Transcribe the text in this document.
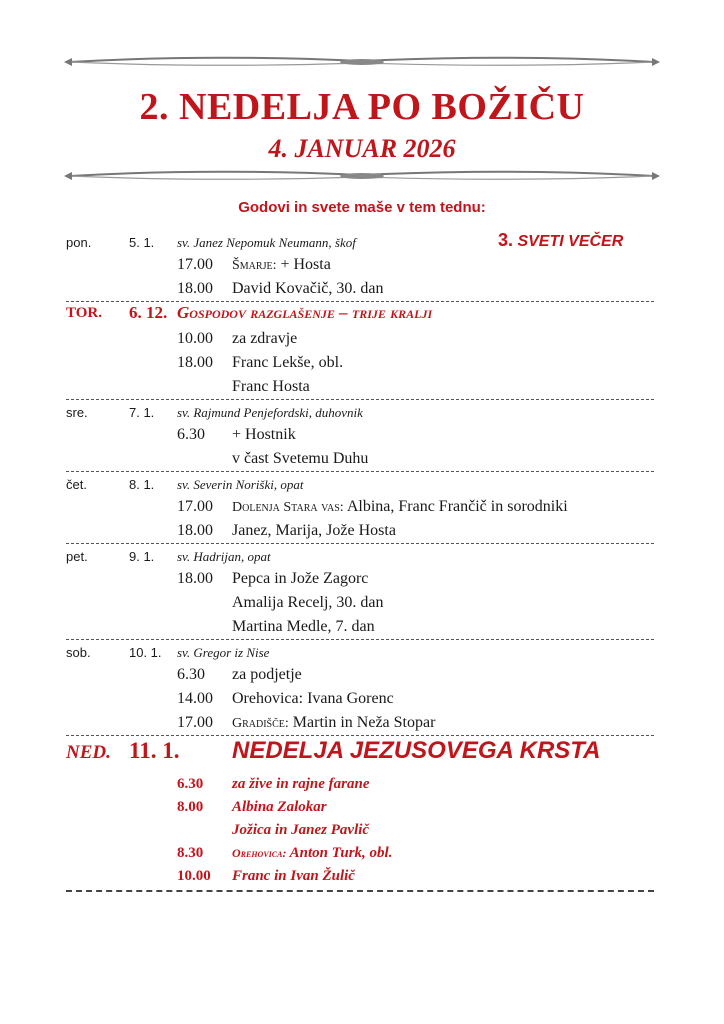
2. NEDELJA PO BOŽIČU
4. JANUAR 2026
Godovi in svete maše v tem tednu:
pon.	5. 1. sv. Janez Nepomuk Neumann, škof	3. SVETI VEČER
17.00 Šmarje: + Hosta
18.00 David Kovačič, 30. dan
TOR. 6. 12. Gospodov razglašenje – trije kralji
10.00 za zdravje
18.00 Franc Lekše, obl.
Franc Hosta
sre.	7. 1. sv. Rajmund Penjefordski, duhovnik
6.30 + Hostnik
v čast Svetemu Duhu
čet.	8. 1. sv. Severin Noriški, opat
17.00 Dolenja Stara vas: Albina, Franc Frančič in sorodniki
18.00 Janez, Marija, Jože Hosta
pet.	9. 1. sv. Hadrijan, opat
18.00 Pepca in Jože Zagorc
Amalija Recelj, 30. dan
Martina Medle, 7. dan
sob.	10. 1. sv. Gregor iz Nise
6.30 za podjetje
14.00 Orehovica: Ivana Gorenc
17.00 Gradišče: Martin in Neža Stopar
NED. 11. 1. NEDELJA JEZUSOVEGA KRSTA
6.30 za žive in rajne farane
8.00 Albina Zalokar
Jožica in Janez Pavlič
8.30 Orehovica: Anton Turk, obl.
10.00 Franc in Ivan Žulič
